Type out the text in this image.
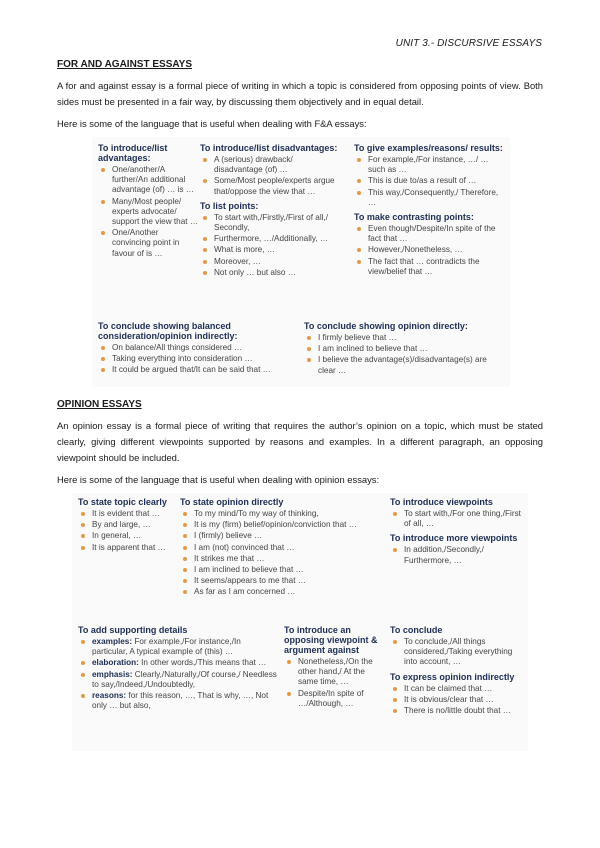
UNIT 3.- DISCURSIVE ESSAYS
FOR AND AGAINST ESSAYS
A for and against essay is a formal piece of writing in which a topic is considered from opposing points of view. Both sides must be presented in a fair way, by discussing them objectively and in equal detail.
Here is some of the language that is useful when dealing with F&A essays:
To introduce/list advantages:
One/another/A further/An additional advantage (of) … is …
Many/Most people/ experts advocate/ support the view that …
One/Another convincing point in favour of is …
To introduce/list disadvantages:
A (serious) drawback/ disadvantage (of) …
Some/Most people/experts argue that/oppose the view that …
To list points:
To start with,/Firstly,/First of all,/ Secondly,
Furthermore, …/Additionally, …
What is more, …
Moreover, …
Not only … but also …
To give examples/reasons/ results:
For example,/For instance, …/ …such as …
This is due to/as a result of …
This way,/Consequently,/ Therefore, …
To make contrasting points:
Even though/Despite/In spite of the fact that …
However,/Nonetheless, …
The fact that … contradicts the view/belief that …
To conclude showing balanced consideration/opinion indirectly:
On balance/All things considered …
Taking everything into consideration …
It could be argued that/It can be said that …
To conclude showing opinion directly:
I firmly believe that …
I am inclined to believe that …
I believe the advantage(s)/disadvantage(s) are clear …
OPINION ESSAYS
An opinion essay is a formal piece of writing that requires the author’s opinion on a topic, which must be stated clearly, giving different viewpoints supported by reasons and examples. In a different paragraph, an opposing viewpoint should be included.
Here is some of the language that is useful when dealing with opinion essays:
To state topic clearly
It is evident that …
By and large, …
In general, …
It is apparent that …
To state opinion directly
To my mind/To my way of thinking,
It is my (firm) belief/opinion/conviction that …
I (firmly) believe …
I am (not) convinced that …
It strikes me that …
I am inclined to believe that …
It seems/appears to me that …
As far as I am concerned …
To introduce viewpoints
To start with,/For one thing,/First of all, …
To introduce more viewpoints
In addition,/Secondly,/ Furthermore, …
To add supporting details
examples: For example,/For instance,/In particular, A typical example of (this) …
elaboration: In other words,/This means that …
emphasis: Clearly,/Naturally,/Of course,/ Needless to say,/Indeed,/Undoubtedly,
reasons: for this reason, …, That is why, …, Not only … but also,
To introduce an opposing viewpoint & argument against
Nonetheless,/On the other hand,/ At the same time, …
Despite/In spite of …/Although, …
To conclude
To conclude,/All things considered,/Taking everything into account, …
To express opinion indirectly
It can be claimed that …
It is obvious/clear that …
There is no/little doubt that …
